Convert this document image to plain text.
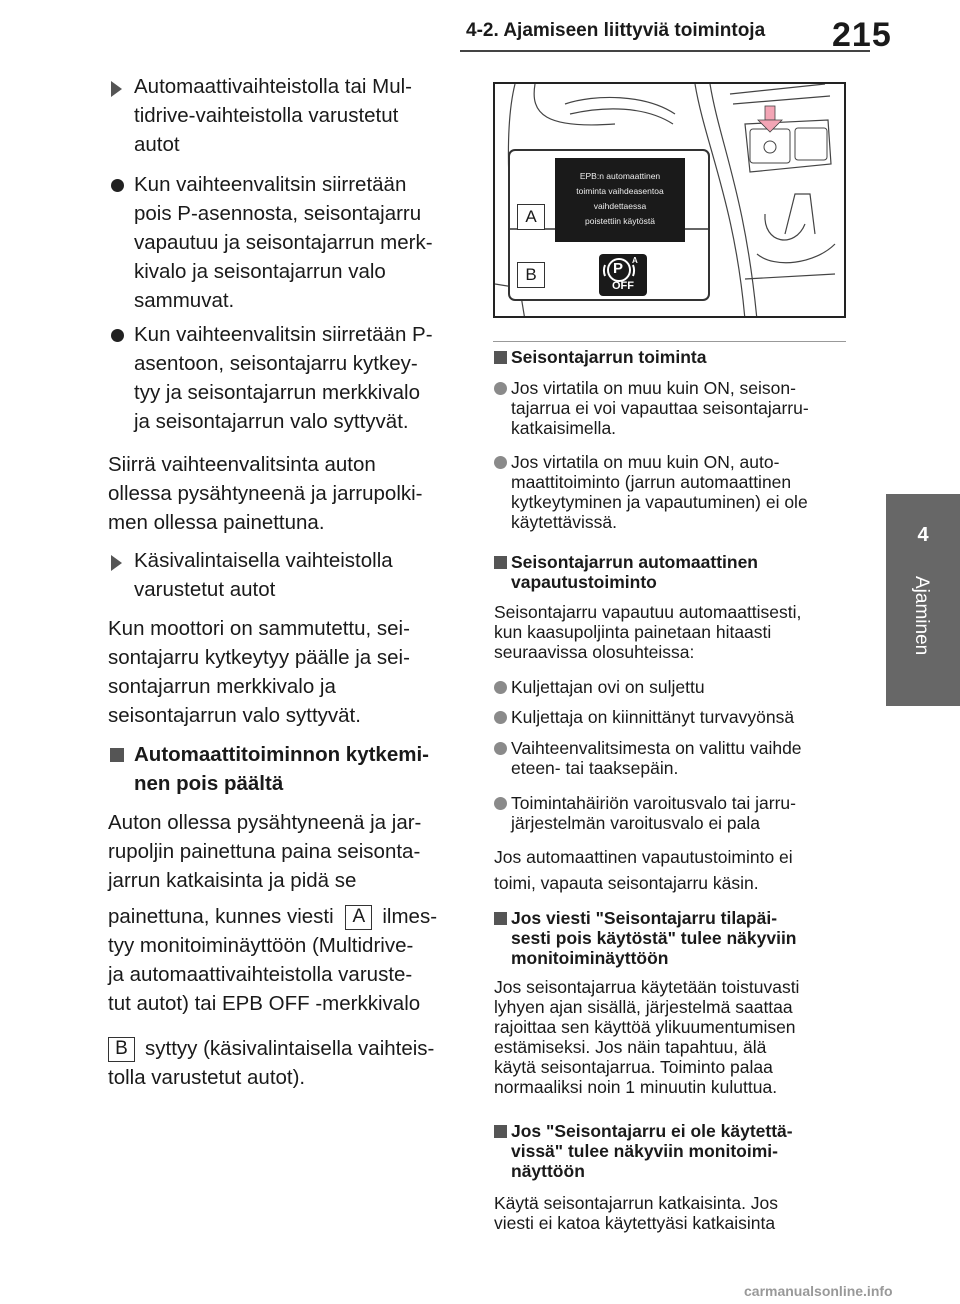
4-2. Ajamiseen liittyviä toimintoja 215
4
Ajaminen
Automaattivaihteistolla tai Mul-
tidrive-vaihteistolla varustetut
autot
Kun vaihteenvalitsin siirretään
pois P-asennosta, seisontajarru
vapautuu ja seisontajarrun merk-
kivalo ja seisontajarrun valo
sammuvat.
Kun vaihteenvalitsin siirretään P-
asentoon, seisontajarru kytkey-
tyy ja seisontajarrun merkkivalo
ja seisontajarrun valo syttyvät.
Siirrä vaihteenvalitsinta auton
ollessa pysähtyneenä ja jarrupolki-
men ollessa painettuna.
Käsivalintaisella vaihteistolla
varustetut autot
Kun moottori on sammutettu, sei-
sontajarru kytkeytyy päälle ja sei-
sontajarrun merkkivalo ja
seisontajarrun valo syttyvät.
Automaattitoiminnon kytkemi-
nen pois päältä
Auton ollessa pysähtyneenä ja jar-
rupoljin painettuna paina seisonta-
jarrun katkaisinta ja pidä se
painettuna, kunnes viesti A ilmes-
tyy monitoiminäyttöön (Multidrive-
ja automaattivaihteistolla varuste-
tut autot) tai EPB OFF -merkkivalo
B syttyy (käsivalintaisella vaihteis-
tolla varustetut autot).
EPB:n automaattinen
toiminta vaihdeasentoa
vaihdettaessa
poistettiin käytöstä
A
B	P A
OFF
Seisontajarrun toiminta
Jos virtatila on muu kuin ON, seison-
tajarrua ei voi vapauttaa seisontajarru-
katkaisimella.
Jos virtatila on muu kuin ON, auto-
maattitoiminto (jarrun automaattinen
kytkeytyminen ja vapautuminen) ei ole
käytettävissä.
Seisontajarrun automaattinen
vapautustoiminto
Seisontajarru vapautuu automaattisesti,
kun kaasupoljinta painetaan hitaasti
seuraavissa olosuhteissa:
Kuljettajan ovi on suljettu
Kuljettaja on kiinnittänyt turvavyönsä
Vaihteenvalitsimesta on valittu vaihde
eteen- tai taaksepäin.
Toimintahäiriön varoitusvalo tai jarru-
järjestelmän varoitusvalo ei pala
Jos automaattinen vapautustoiminto ei
toimi, vapauta seisontajarru käsin.
Jos viesti "Seisontajarru tilapäi-
sesti pois käytöstä" tulee näkyviin
monitoiminäyttöön
Jos seisontajarrua käytetään toistuvasti
lyhyen ajan sisällä, järjestelmä saattaa
rajoittaa sen käyttöä ylikuumentumisen
estämiseksi. Jos näin tapahtuu, älä
käytä seisontajarrua. Toiminto palaa
normaaliksi noin 1 minuutin kuluttua.
Jos "Seisontajarru ei ole käytettä-
vissä" tulee näkyviin monitoimi-
näyttöön
Käytä seisontajarrun katkaisinta. Jos
viesti ei katoa käytettyäsi katkaisinta
carmanualsonline.info
